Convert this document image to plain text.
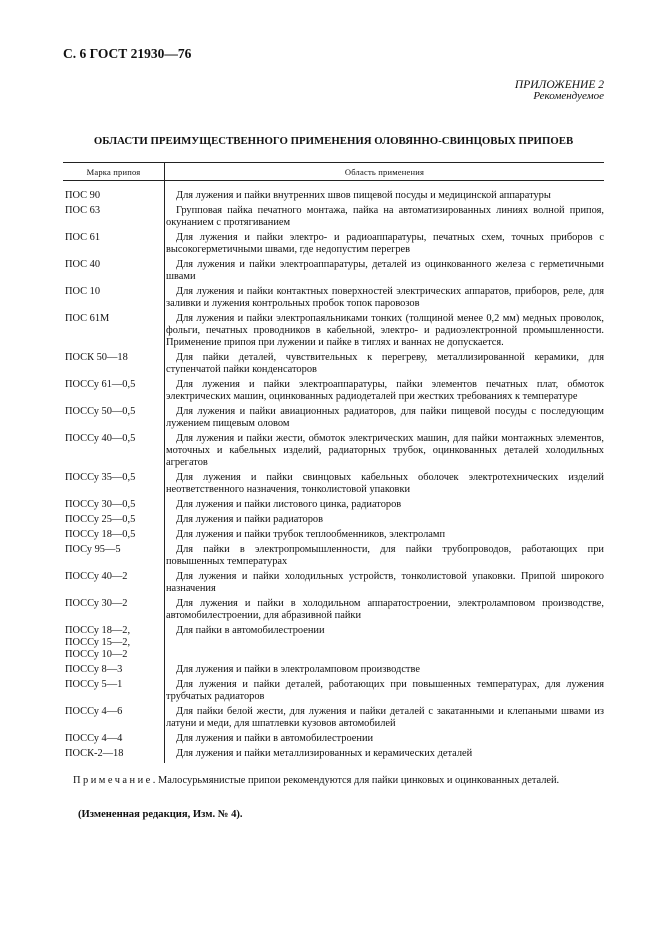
С. 6 ГОСТ 21930—76
ПРИЛОЖЕНИЕ 2
Рекомендуемое
ОБЛАСТИ ПРЕИМУЩЕСТВЕННОГО ПРИМЕНЕНИЯ ОЛОВЯННО-СВИНЦОВЫХ ПРИПОЕВ
Марка припоя	Область применения
ПОС 90	Для лужения и пайки внутренних швов пищевой посуды и медицинской аппаратуры
ПОС 63	Групповая пайка печатного монтажа, пайка на автоматизированных линиях волной припоя, окунанием с протягиванием
ПОС 61	Для лужения и пайки электро- и радиоаппаратуры, печатных схем, точных приборов с высокогерметичными швами, где недопустим перегрев
ПОС 40	Для лужения и пайки электроаппаратуры, деталей из оцинкованного железа с герметичными швами
ПОС 10	Для лужения и пайки контактных поверхностей электрических аппаратов, приборов, реле, для заливки и лужения контрольных пробок топок паровозов
ПОС 61М	Для лужения и пайки электропаяльниками тонких (толщиной менее 0,2 мм) медных проволок, фольги, печатных проводников в кабельной, электро- и радиоэлектронной промышленности. Применение припоя при лужении и пайке в тиглях и ваннах не допускается.
ПОСК 50—18	Для пайки деталей, чувствительных к перегреву, металлизированной керамики, для ступенчатой пайки конденсаторов
ПОССу 61—0,5	Для лужения и пайки электроаппаратуры, пайки элементов печатных плат, обмоток электрических машин, оцинкованных радиодеталей при жестких требованиях к температуре
ПОССу 50—0,5	Для лужения и пайки авиационных радиаторов, для пайки пищевой посуды с последующим лужением пищевым оловом
ПОССу 40—0,5	Для лужения и пайки жести, обмоток электрических машин, для пайки монтажных элементов, моточных и кабельных изделий, радиаторных трубок, оцинкованных деталей холодильных агрегатов
ПОССу 35—0,5	Для лужения и пайки свинцовых кабельных оболочек электротехнических изделий неответственного назначения, тонколистовой упаковки
ПОССу 30—0,5	Для лужения и пайки листового цинка, радиаторов
ПОССу 25—0,5	Для лужения и пайки радиаторов
ПОССу 18—0,5	Для лужения и пайки трубок теплообменников, электроламп
ПОСу 95—5	Для пайки в электропромышленности, для пайки трубопроводов, работающих при повышенных температурах
ПОССу 40—2	Для лужения и пайки холодильных устройств, тонколистовой упаковки. Припой широкого назначения
ПОССу 30—2	Для лужения и пайки в холодильном аппаратостроении, электроламповом производстве, автомобилестроении, для абразивной пайки
ПОССу 18—2, ПОССу 15—2, ПОССу 10—2	Для пайки в автомобилестроении
ПОССу 8—3	Для лужения и пайки в электроламповом производстве
ПОССу 5—1	Для лужения и пайки деталей, работающих при повышенных температурах, для лужения трубчатых радиаторов
ПОССу 4—6	Для пайки белой жести, для лужения и пайки деталей с закатанными и клепаными швами из латуни и меди, для шпатлевки кузовов автомобилей
ПОССу 4—4	Для лужения и пайки в автомобилестроении
ПОСК-2—18	Для лужения и пайки металлизированных и керамических деталей
Примечание. Малосурьмянистые припои рекомендуются для пайки цинковых и оцинкованных деталей.
(Измененная редакция, Изм. № 4).
